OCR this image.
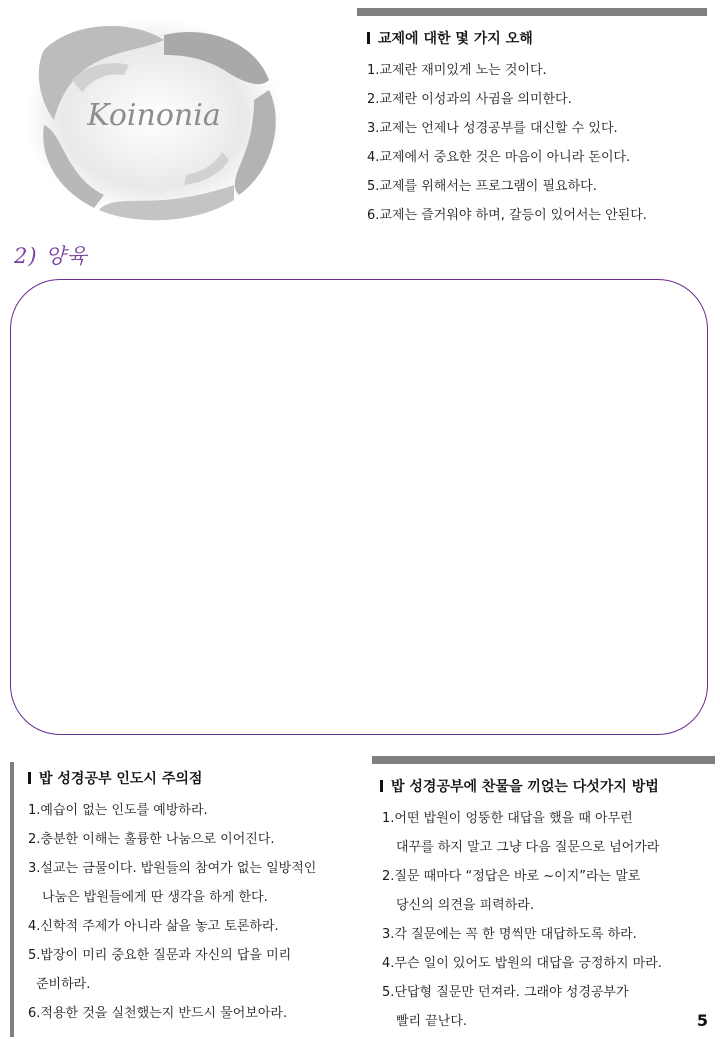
Koinonia
교제에 대한 몇 가지 오해
1.교제란 재미있게 노는 것이다.
2.교제란 이성과의 사귐을 의미한다.
3.교제는 언제나 성경공부를 대신할 수 있다.
4.교제에서 중요한 것은 마음이 아니라 돈이다.
5.교제를 위해서는 프로그램이 필요하다.
6.교제는 즐거워야 하며, 갈등이 있어서는 안된다.
2) 양육
밥 성경공부 인도시 주의점
1.예습이 없는 인도를 예방하라.
2.충분한 이해는 훌륭한 나눔으로 이어진다.
3.설교는 금물이다. 밥원들의 참여가 없는 일방적인
나눔은 밥원들에게 딴 생각을 하게 한다.
4.신학적 주제가 아니라 삶을 놓고 토론하라.
5.밥장이 미리 중요한 질문과 자신의 답을 미리
준비하라.
6.적용한 것을 실천했는지 반드시 물어보아라.
밥 성경공부에 찬물을 끼얹는 다섯가지 방법
1.어떤 밥원이 엉뚱한 대답을 했을 때 아무런
대꾸를 하지 말고 그냥 다음 질문으로 넘어가라
2.질문 때마다 “정답은 바로 ~이지”라는 말로
당신의 의견을 피력하라.
3.각 질문에는 꼭 한 명씩만 대답하도록 하라.
4.무슨 일이 있어도 밥원의 대답을 긍정하지 마라.
5.단답형 질문만 던져라. 그래야 성경공부가
빨리 끝난다.	5
